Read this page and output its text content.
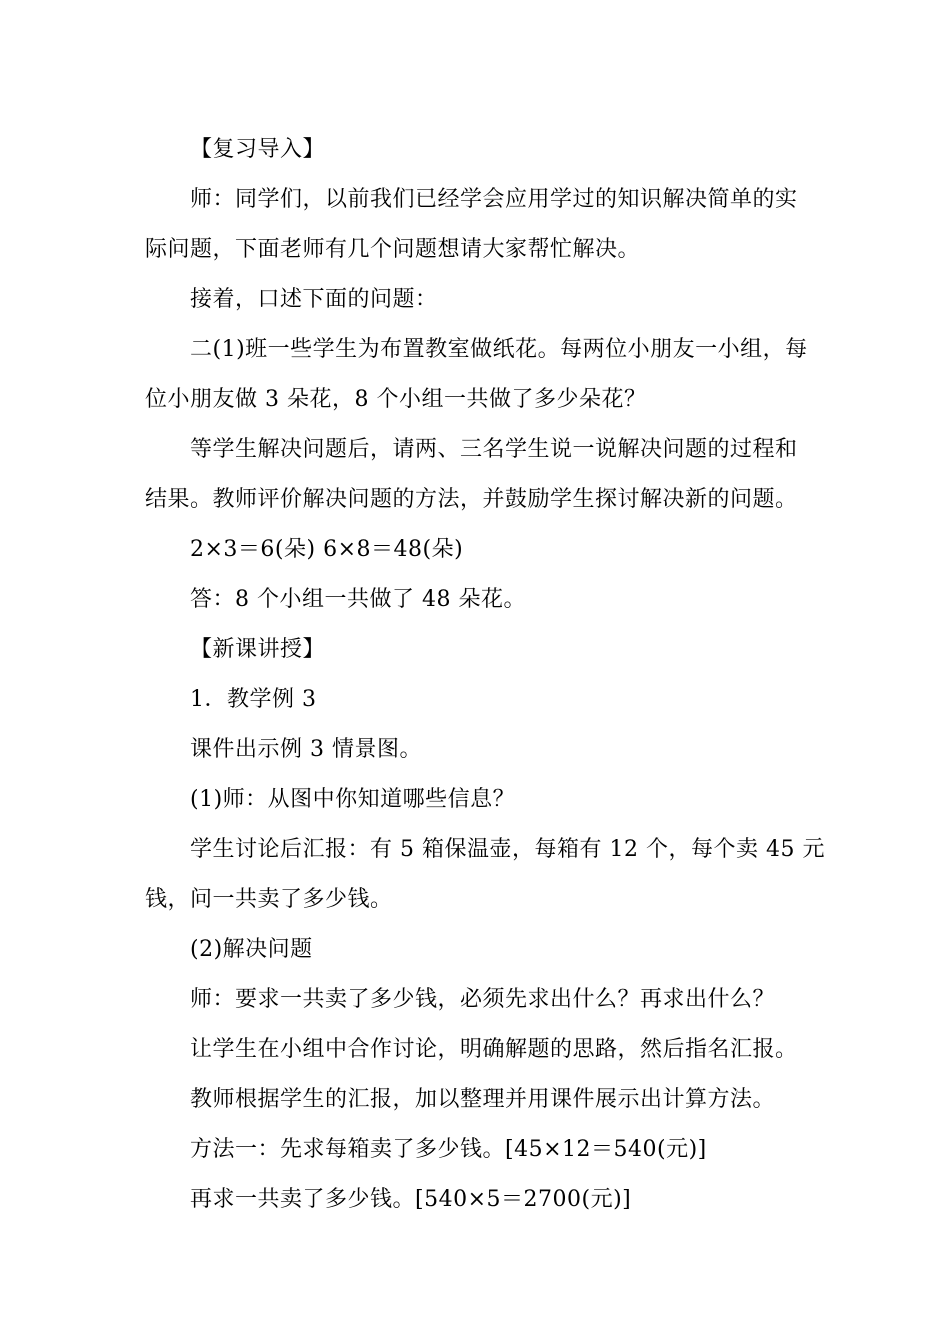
【复习导入】
师：同学们，以前我们已经学会应用学过的知识解决简单的实
际问题，下面老师有几个问题想请大家帮忙解决。
接着，口述下面的问题：
二(1)班一些学生为布置教室做纸花。每两位小朋友一小组，每
位小朋友做 3 朵花，8 个小组一共做了多少朵花？
等学生解决问题后，请两、三名学生说一说解决问题的过程和
结果。教师评价解决问题的方法，并鼓励学生探讨解决新的问题。
2×3＝6(朵) 6×8＝48(朵)
答：8 个小组一共做了 48 朵花。
【新课讲授】
1．教学例 3
课件出示例 3 情景图。
(1)师：从图中你知道哪些信息？
学生讨论后汇报：有 5 箱保温壶，每箱有 12 个，每个卖 45 元
钱，问一共卖了多少钱。
(2)解决问题
师：要求一共卖了多少钱，必须先求出什么？再求出什么？
让学生在小组中合作讨论，明确解题的思路，然后指名汇报。
教师根据学生的汇报，加以整理并用课件展示出计算方法。
方法一：先求每箱卖了多少钱。[45×12＝540(元)]
再求一共卖了多少钱。[540×5＝2700(元)]
